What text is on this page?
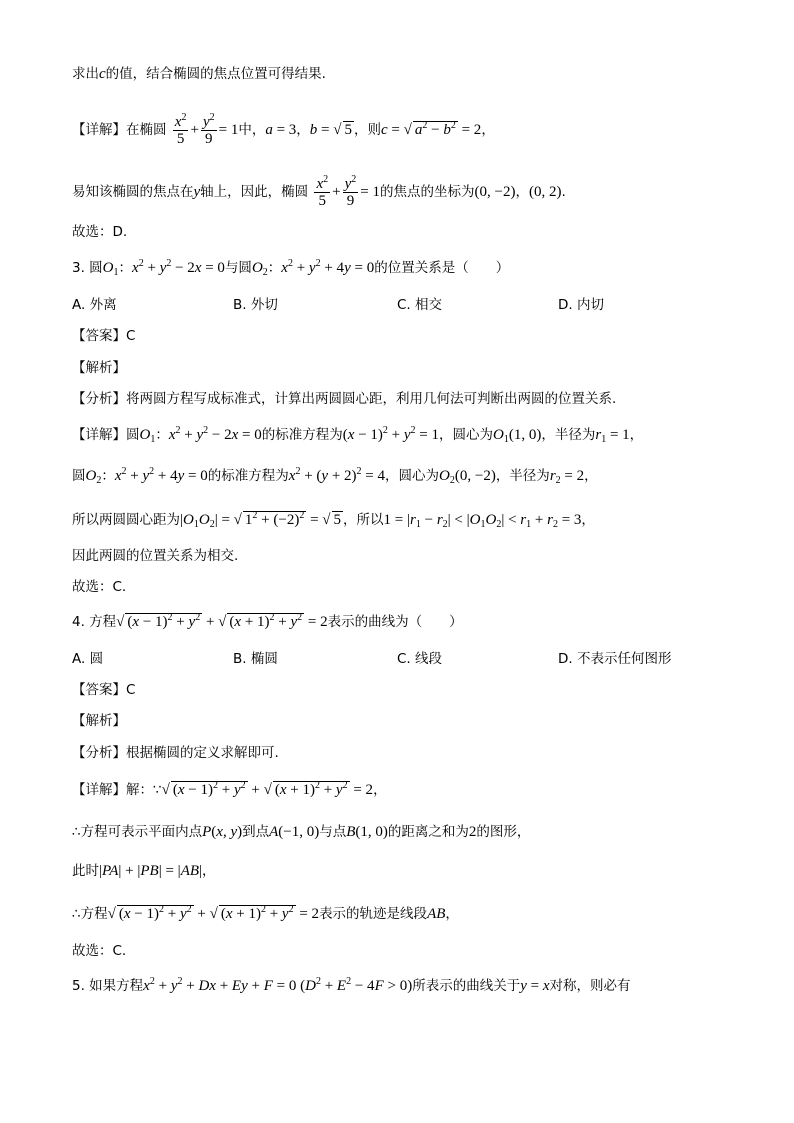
求出c的值，结合椭圆的焦点位置可得结果.
【详解】在椭圆 $\frac{x^2}{5} + \frac{y^2}{9} = 1$中，a = 3，b = √ 5 ，则c = √ $a^2 - b^2 = 2$，
易知该椭圆的焦点在y轴上，因此，椭圆 $\frac{x^2}{5} + \frac{y^2}{9} = 1$的焦点的坐标为(0, −2)，(0, 2).
故选：D.
3. 圆$O_1$：$x^2 + y^2 - 2x = 0$与圆$O_2$：$x^2 + y^2 + 4y = 0$的位置关系是（　　）
A. 外离	B. 外切	C. 相交	D. 内切
【答案】C
【解析】
【分析】将两圆方程写成标准式，计算出两圆圆心距，利用几何法可判断出两圆的位置关系.
【详解】圆$O_1$：$x^2 + y^2 - 2x = 0$的标准方程为$(x - 1)^2 + y^2 = 1$，圆心为$O_1(1$, 0)，半径为$r_1 = 1$，
圆$O_2$：$x^2 + y^2 + 4y = 0$的标准方程为$x^2 + (y + 2)^2 = 4$，圆心为$O_2(0$, −2)，半径为$r_2 = 2$，
所以两圆圆心距为$|O_1O_2|$ = √ $1^2 + (-2)^2$ = √ 5 ，所以$1 = |r_1 - r_2| < |O_1O_2| < r_1 + r_2 = 3$，
因此两圆的位置关系为相交.
故选：C.
4. 方程√ $(x - 1)^2 + y^2$ + √ $(x + 1)^2 + y^2 = 2$表示的曲线为（　　）
A. 圆	B. 椭圆	C. 线段	D. 不表示任何图形
【答案】C
【解析】
【分析】根据椭圆的定义求解即可.
【详解】解：∵√ $(x - 1)^2 + y^2$ + √ $(x + 1)^2 + y^2 = 2$，
∴方程可表示平面内点P(x, y)到点A(−1, 0)与点B(1, 0)的距离之和为2的图形，
此时|PA| + |PB| = |AB|，
∴方程√ $(x - 1)^2 + y^2$ + √ $(x + 1)^2 + y^2 = 2$表示的轨迹是线段AB，
故选：C.
5. 如果方程$x^2 + y^2 + Dx + Ey + F = 0$ $(D^2 + E^2 - 4F > 0)$所表示的曲线关于y = x对称，则必有
